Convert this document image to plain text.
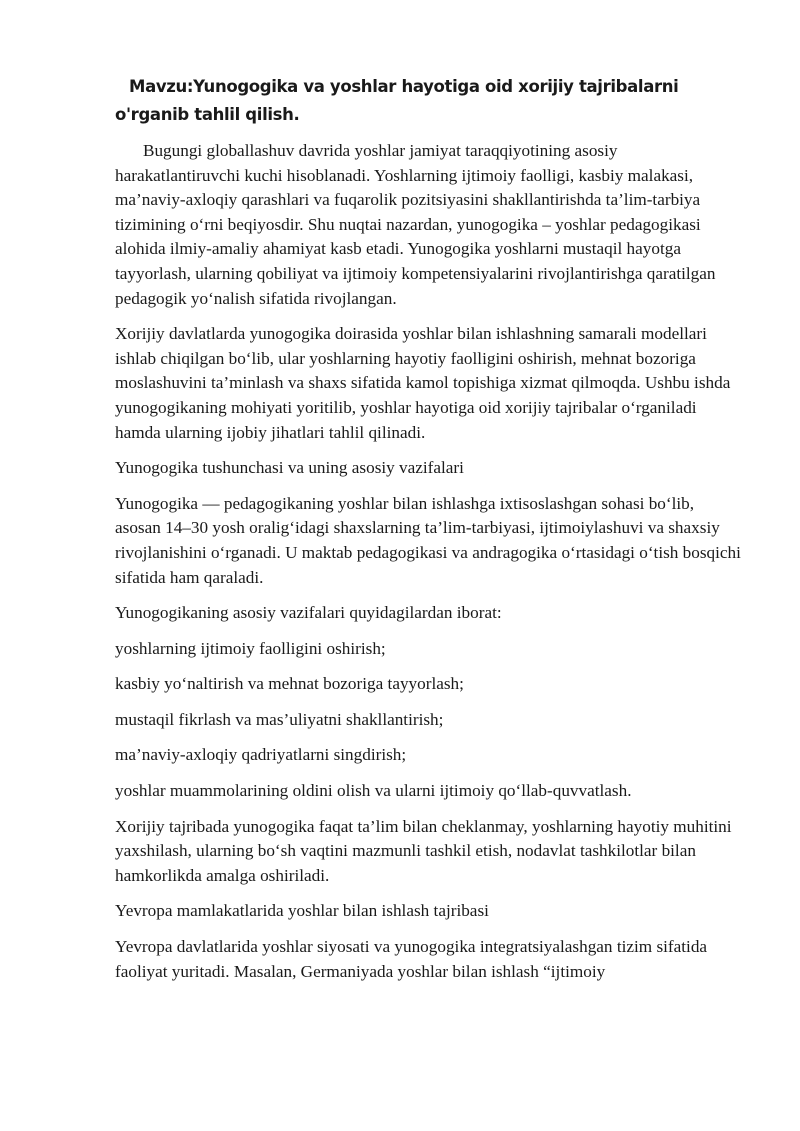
Mavzu:Yunogogika va yoshlar hayotiga oid xorijiy tajribalarni o'rganib tahlil qilish.

Bugungi globallashuv davrida yoshlar jamiyat taraqqiyotining asosiy harakatlantiruvchi kuchi hisoblanadi. Yoshlarning ijtimoiy faolligi, kasbiy malakasi, ma’naviy-axloqiy qarashlari va fuqarolik pozitsiyasini shakllantirishda ta’lim-tarbiya tizimining o‘rni beqiyosdir. Shu nuqtai nazardan, yunogogika – yoshlar pedagogikasi alohida ilmiy-amaliy ahamiyat kasb etadi. Yunogogika yoshlarni mustaqil hayotga tayyorlash, ularning qobiliyat va ijtimoiy kompetensiyalarini rivojlantirishga qaratilgan pedagogik yo‘nalish sifatida rivojlangan.

Xorijiy davlatlarda yunogogika doirasida yoshlar bilan ishlashning samarali modellari ishlab chiqilgan bo‘lib, ular yoshlarning hayotiy faolligini oshirish, mehnat bozoriga moslashuvini ta’minlash va shaxs sifatida kamol topishiga xizmat qilmoqda. Ushbu ishda yunogogikaning mohiyati yoritilib, yoshlar hayotiga oid xorijiy tajribalar o‘rganiladi hamda ularning ijobiy jihatlari tahlil qilinadi.

Yunogogika tushunchasi va uning asosiy vazifalari

Yunogogika — pedagogikaning yoshlar bilan ishlashga ixtisoslashgan sohasi bo‘lib, asosan 14–30 yosh oralig‘idagi shaxslarning ta’lim-tarbiyasi, ijtimoiylashuvi va shaxsiy rivojlanishini o‘rganadi. U maktab pedagogikasi va andragogika o‘rtasidagi o‘tish bosqichi sifatida ham qaraladi.

Yunogogikaning asosiy vazifalari quyidagilardan iborat:

yoshlarning ijtimoiy faolligini oshirish;

kasbiy yo‘naltirish va mehnat bozoriga tayyorlash;

mustaqil fikrlash va mas’uliyatni shakllantirish;

ma’naviy-axloqiy qadriyatlarni singdirish;

yoshlar muammolarining oldini olish va ularni ijtimoiy qo‘llab-quvvatlash.

Xorijiy tajribada yunogogika faqat ta’lim bilan cheklanmay, yoshlarning hayotiy muhitini yaxshilash, ularning bo‘sh vaqtini mazmunli tashkil etish, nodavlat tashkilotlar bilan hamkorlikda amalga oshiriladi.

Yevropa mamlakatlarida yoshlar bilan ishlash tajribasi

Yevropa davlatlarida yoshlar siyosati va yunogogika integratsiyalashgan tizim sifatida faoliyat yuritadi. Masalan, Germaniyada yoshlar bilan ishlash “ijtimoiy
